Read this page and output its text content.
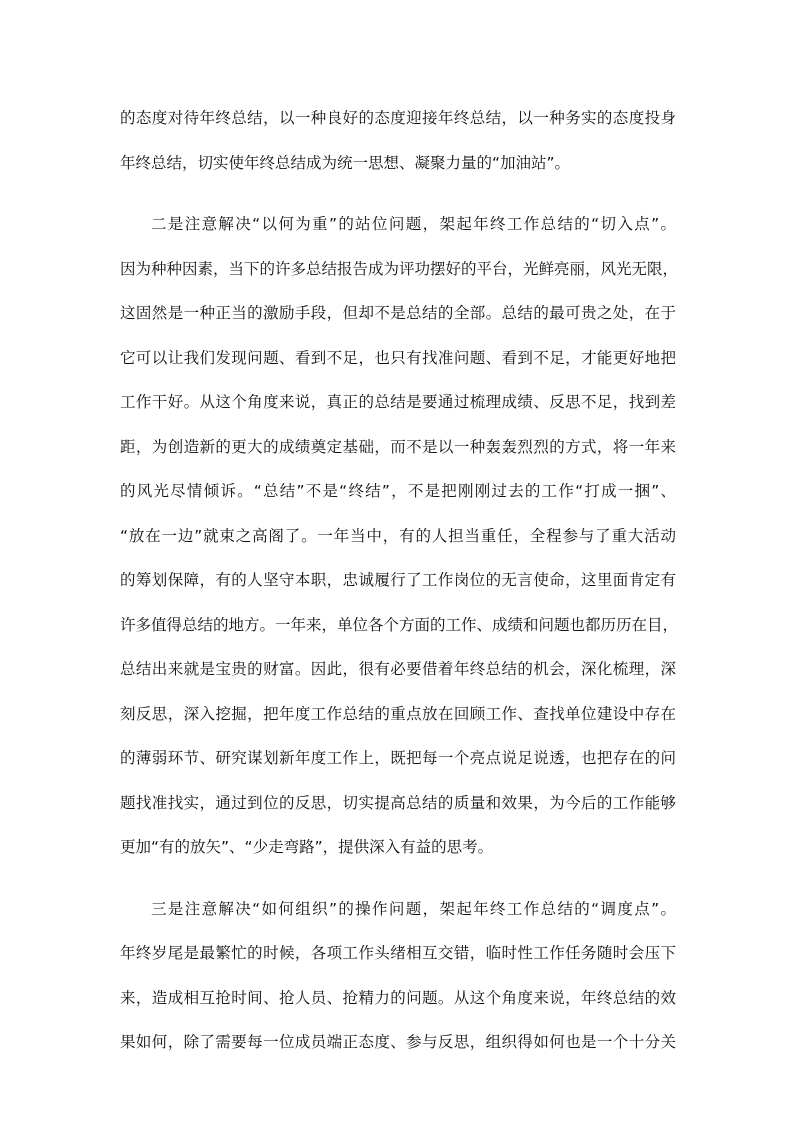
的态度对待年终总结，以一种良好的态度迎接年终总结，以一种务实的态度投身
年终总结，切实使年终总结成为统一思想、凝聚力量的“加油站”。
二是注意解决“以何为重”的站位问题，架起年终工作总结的“切入点”。
因为种种因素，当下的许多总结报告成为评功摆好的平台，光鲜亮丽，风光无限，
这固然是一种正当的激励手段，但却不是总结的全部。总结的最可贵之处，在于
它可以让我们发现问题、看到不足，也只有找准问题、看到不足，才能更好地把
工作干好。从这个角度来说，真正的总结是要通过梳理成绩、反思不足，找到差
距，为创造新的更大的成绩奠定基础，而不是以一种轰轰烈烈的方式，将一年来
的风光尽情倾诉。“总结”不是“终结”，不是把刚刚过去的工作“打成一捆”、
“放在一边”就束之高阁了。一年当中，有的人担当重任，全程参与了重大活动
的筹划保障，有的人坚守本职，忠诚履行了工作岗位的无言使命，这里面肯定有
许多值得总结的地方。一年来，单位各个方面的工作、成绩和问题也都历历在目，
总结出来就是宝贵的财富。因此，很有必要借着年终总结的机会，深化梳理，深
刻反思，深入挖掘，把年度工作总结的重点放在回顾工作、查找单位建设中存在
的薄弱环节、研究谋划新年度工作上，既把每一个亮点说足说透，也把存在的问
题找准找实，通过到位的反思，切实提高总结的质量和效果，为今后的工作能够
更加“有的放矢”、“少走弯路”，提供深入有益的思考。
三是注意解决“如何组织”的操作问题，架起年终工作总结的“调度点”。
年终岁尾是最繁忙的时候，各项工作头绪相互交错，临时性工作任务随时会压下
来，造成相互抢时间、抢人员、抢精力的问题。从这个角度来说，年终总结的效
果如何，除了需要每一位成员端正态度、参与反思，组织得如何也是一个十分关
